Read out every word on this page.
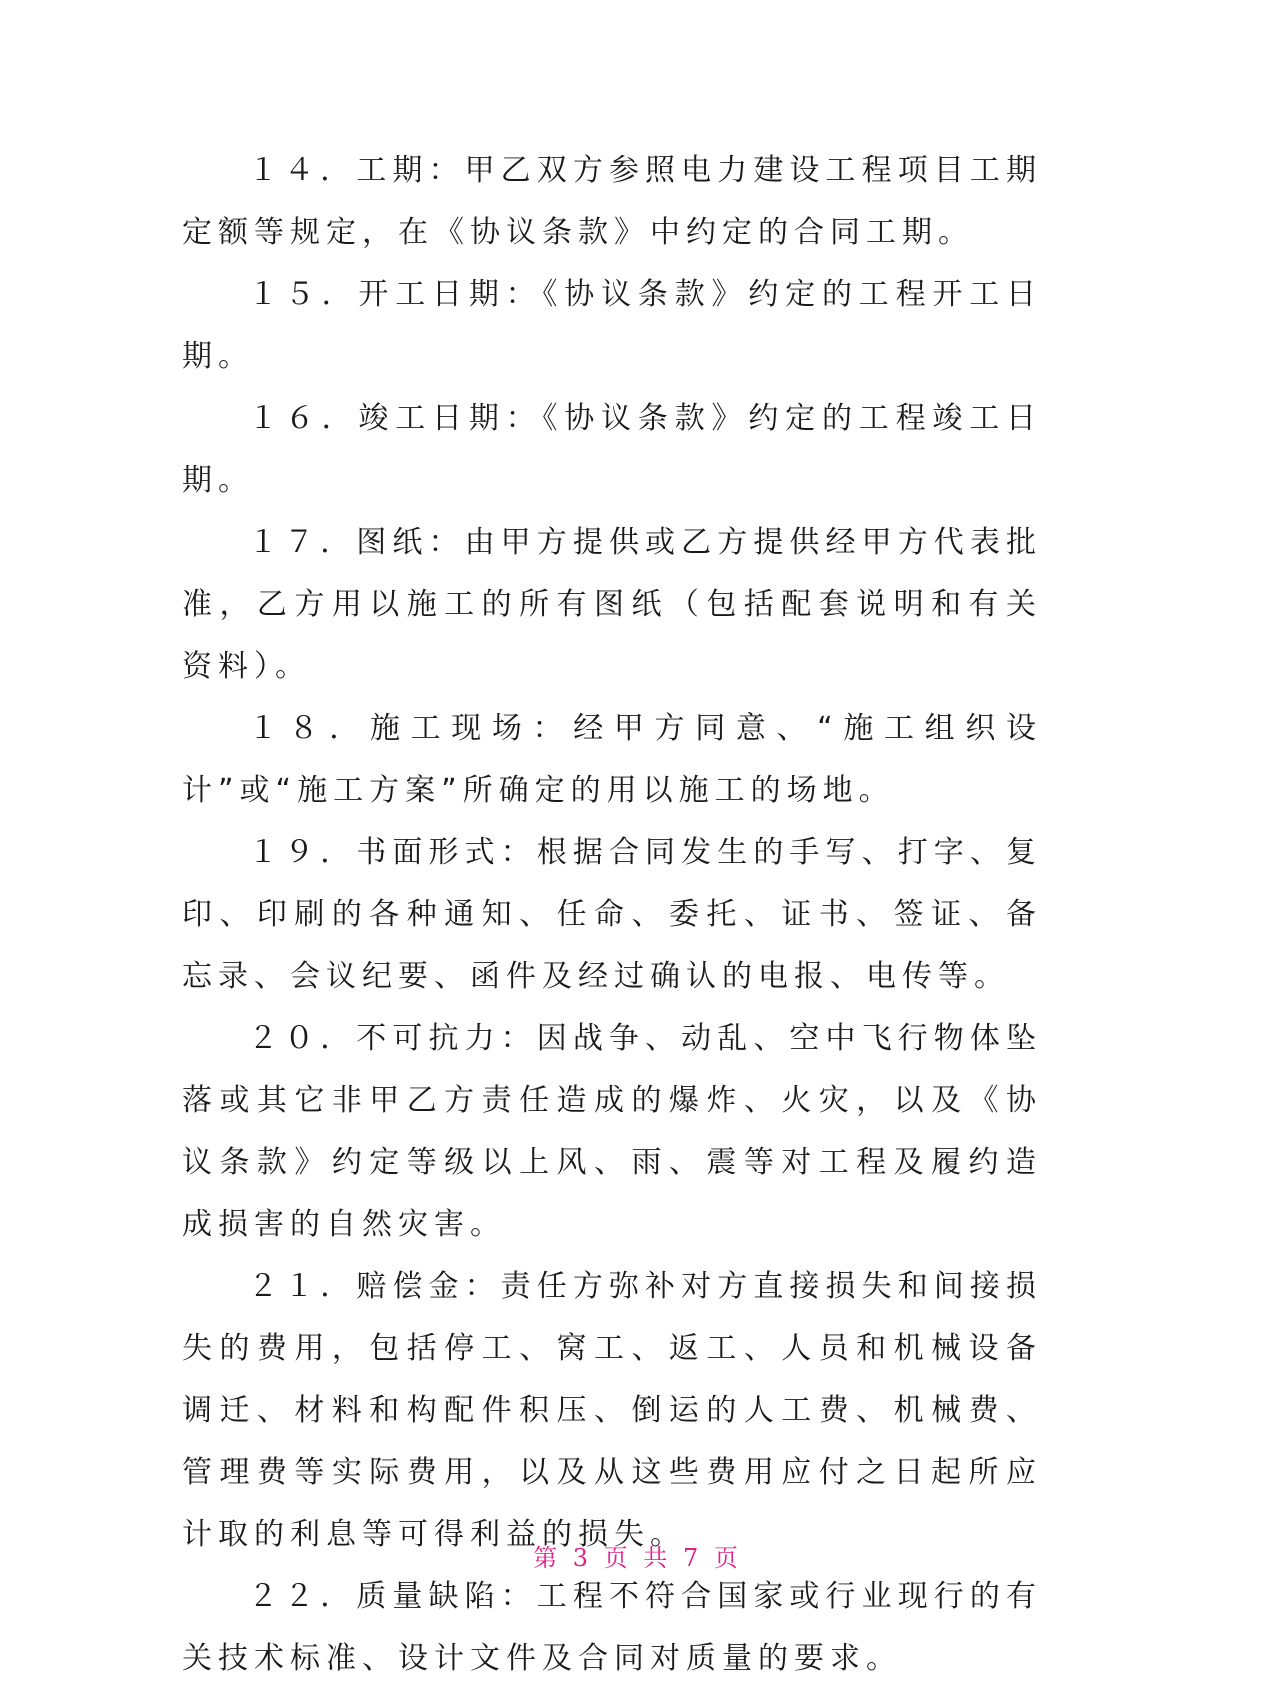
１４．工期：甲乙双方参照电力建设工程项目工期定额等规定，在《协议条款》中约定的合同工期。

１５．开工日期：《协议条款》约定的工程开工日期。

１６．竣工日期：《协议条款》约定的工程竣工日期。

１７．图纸：由甲方提供或乙方提供经甲方代表批准，乙方用以施工的所有图纸（包括配套说明和有关资料）。

１８．施工现场：经甲方同意、“施工组织设计”或“施工方案”所确定的用以施工的场地。

１９．书面形式：根据合同发生的手写、打字、复印、印刷的各种通知、任命、委托、证书、签证、备忘录、会议纪要、函件及经过确认的电报、电传等。

２０．不可抗力：因战争、动乱、空中飞行物体坠落或其它非甲乙方责任造成的爆炸、火灾，以及《协议条款》约定等级以上风、雨、震等对工程及履约造成损害的自然灾害。

２１．赔偿金：责任方弥补对方直接损失和间接损失的费用，包括停工、窝工、返工、人员和机械设备调迁、材料和构配件积压、倒运的人工费、机械费、管理费等实际费用，以及从这些费用应付之日起所应计取的利息等可得利益的损失。

２２．质量缺陷：工程不符合国家或行业现行的有关技术标准、设计文件及合同对质量的要求。

第 3 页 共 7 页
